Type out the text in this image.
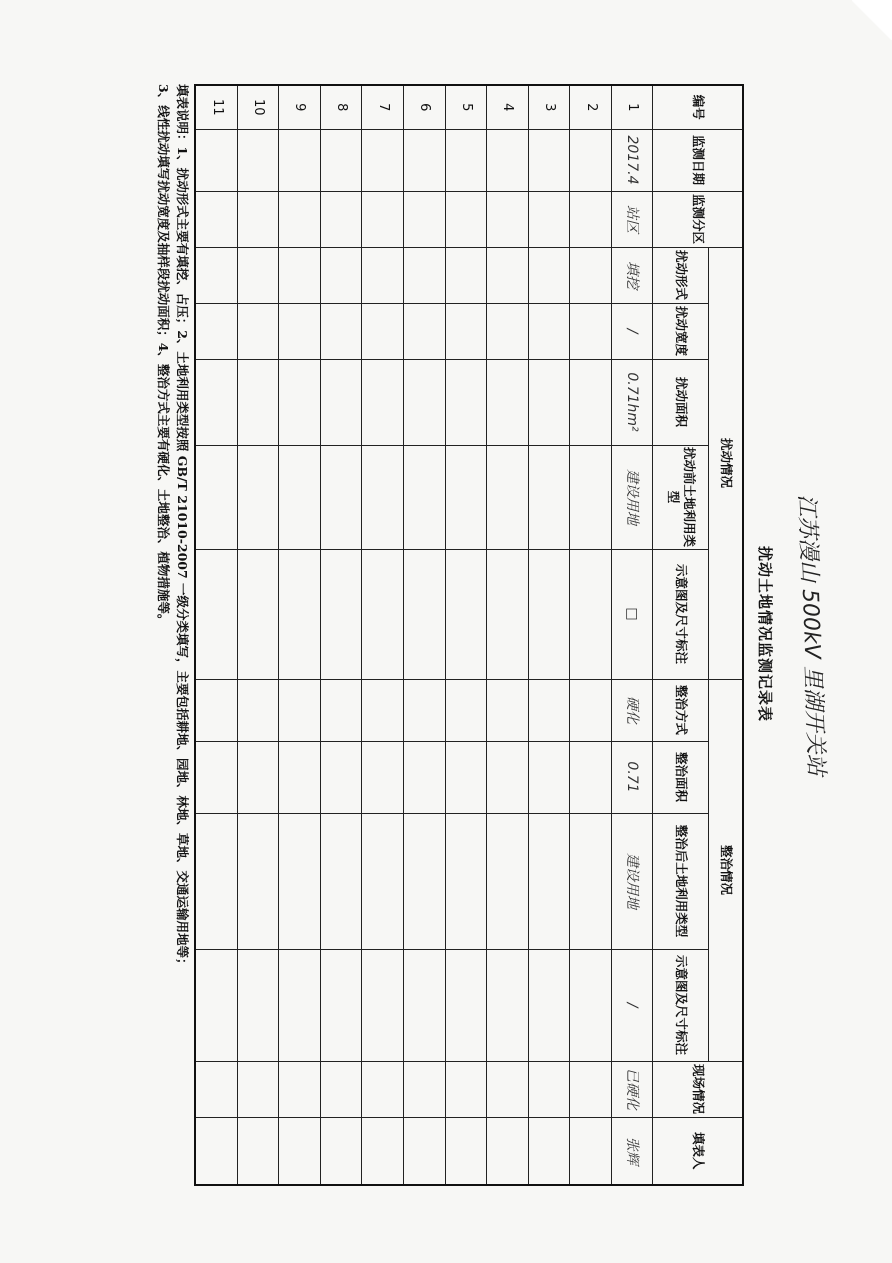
江苏漫山 500kV 里湖开关站
扰动土地情况监测记录表
编号	监测日期	监测分区	扰动情况					整治情况				现场情况	填表人
			扰动形式	扰动宽度	扰动面积	扰动前土地利用类型	示意图及尺寸标注	整治方式	整治面积	整治后土地利用类型	示意图及尺寸标注		
1	2017.4	站区	填挖	/	0.71hm²	建设用地	□	硬化	0.71	建设用地	/	已硬化	张辉
2													
3													
4													
5													
6													
7													
8													
9													
10													
11													
填表说明：1、扰动形式主要有填挖、占压；2、土地利用类型按照 GB/T 21010-2007 一级分类填写，主要包括耕地、园地、林地、草地、交通运输用地等；
3、线性扰动填写扰动宽度及抽样段扰动面积；4、整治方式主要有硬化、土地整治、植物措施等。
